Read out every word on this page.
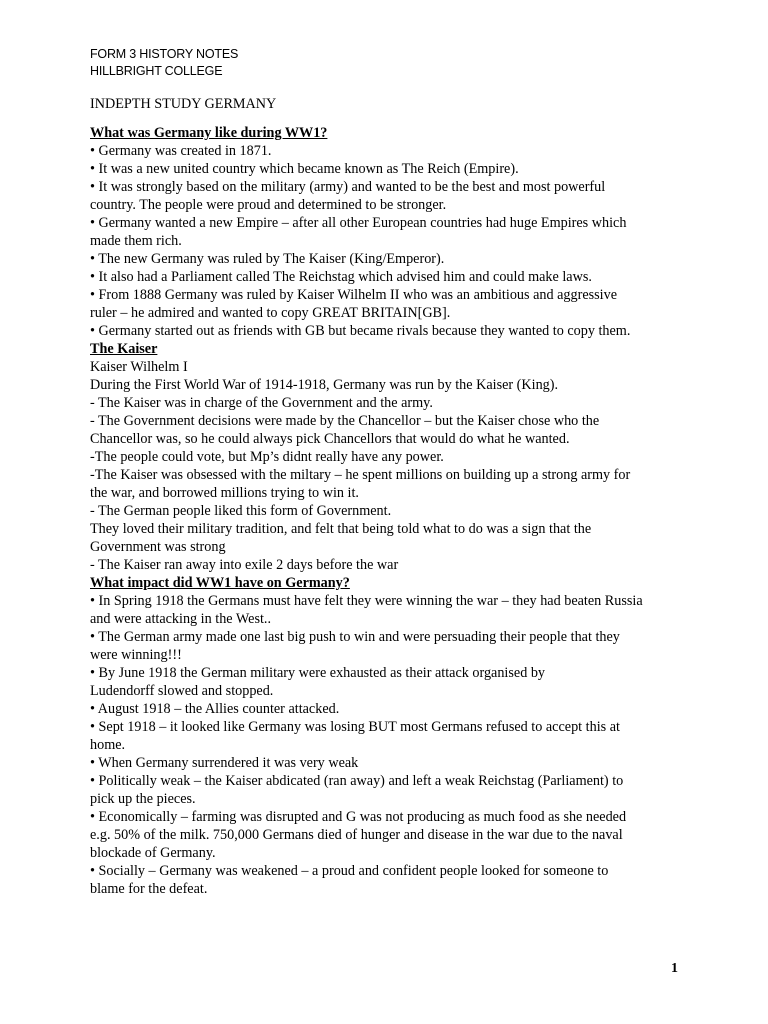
FORM 3 HISTORY NOTES
HILLBRIGHT COLLEGE
INDEPTH STUDY GERMANY
What was Germany like during WW1?
• Germany was created in 1871.
• It was a new united country which became known as The Reich (Empire).
• It was strongly based on the military (army) and wanted to be the best and most powerful
country. The people were proud and determined to be stronger.
• Germany wanted a new Empire – after all other European countries had huge Empires which
made them rich.
• The new Germany was ruled by The Kaiser (King/Emperor).
• It also had a Parliament called The Reichstag which advised him and could make laws.
• From 1888 Germany was ruled by Kaiser Wilhelm II who was an ambitious and aggressive
ruler – he admired and wanted to copy GREAT BRITAIN[GB].
• Germany started out as friends with GB but became rivals because they wanted to copy them.
The Kaiser
Kaiser Wilhelm I
During the First World War of 1914-1918, Germany was run by the Kaiser (King).
- The Kaiser was in charge of the Government and the army.
- The Government decisions were made by the Chancellor – but the Kaiser chose who the
Chancellor was, so he could always pick Chancellors that would do what he wanted.
-The people could vote, but Mp’s didnt really have any power.
-The Kaiser was obsessed with the miltary – he spent millions on building up a strong army for
the war, and borrowed millions trying to win it.
- The German people liked this form of Government.
They loved their military tradition, and felt that being told what to do was a sign that the
Government was strong
- The Kaiser ran away into exile 2 days before the war
What impact did WW1 have on Germany?
• In Spring 1918 the Germans must have felt they were winning the war – they had beaten Russia
and were attacking in the West..
• The German army made one last big push to win and were persuading their people that they
were winning!!!
• By June 1918 the German military were exhausted as their attack organised by
Ludendorff slowed and stopped.
• August 1918 – the Allies counter attacked.
• Sept 1918 – it looked like Germany was losing BUT most Germans refused to accept this at
home.
• When Germany surrendered it was very weak
• Politically weak – the Kaiser abdicated (ran away) and left a weak Reichstag (Parliament) to
pick up the pieces.
• Economically – farming was disrupted and G was not producing as much food as she needed
e.g. 50% of the milk. 750,000 Germans died of hunger and disease in the war due to the naval
blockade of Germany.
• Socially – Germany was weakened – a proud and confident people looked for someone to
blame for the defeat.
1
